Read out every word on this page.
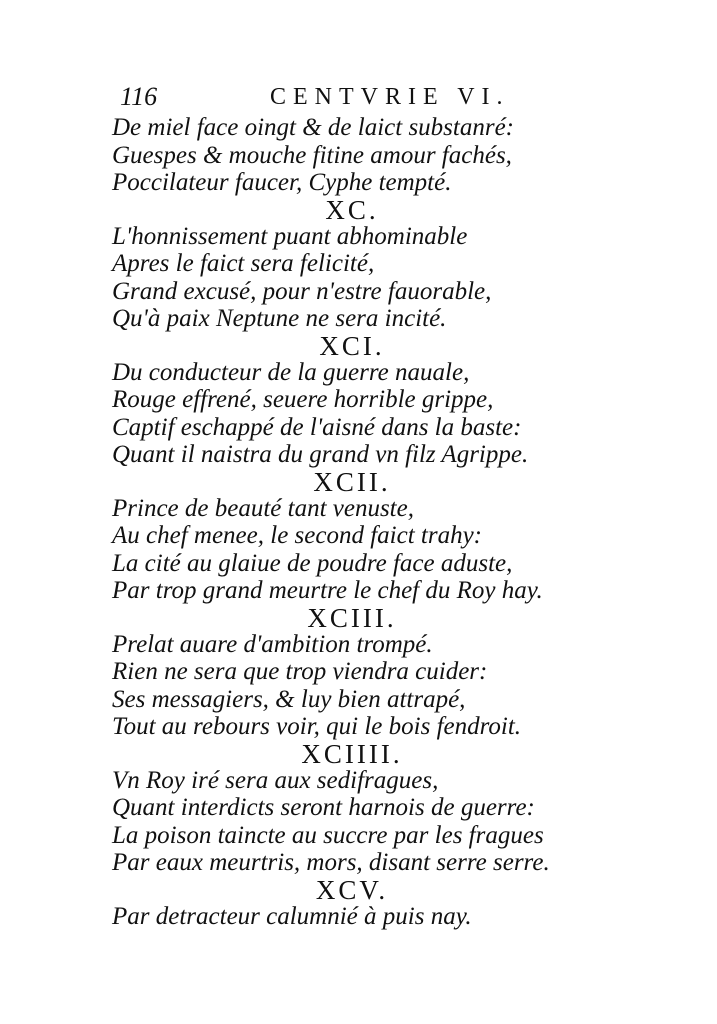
116	CENTVRIE VI.
De miel face oingt & de laict substanré:
Guespes & mouche fitine amour fachés,
Poccilateur faucer, Cyphe tempté.
XC.
L'honnissement puant abhominable
Apres le faict sera felicité,
Grand excusé, pour n'estre fauorable,
Qu'à paix Neptune ne sera incité.
XCI.
Du conducteur de la guerre nauale,
Rouge effrené, seuere horrible grippe,
Captif eschappé de l'aisné dans la baste:
Quant il naistra du grand vn filz Agrippe.
XCII.
Prince de beauté tant venuste,
Au chef menee, le second faict trahy:
La cité au glaiue de poudre face aduste,
Par trop grand meurtre le chef du Roy hay.
XCIII.
Prelat auare d'ambition trompé.
Rien ne sera que trop viendra cuider:
Ses messagiers, & luy bien attrapé,
Tout au rebours voir, qui le bois fendroit.
XCIIII.
Vn Roy iré sera aux sedifragues,
Quant interdicts seront harnois de guerre:
La poison taincte au succre par les fragues
Par eaux meurtris, mors, disant serre serre.
XCV.
Par detracteur calumnié à puis nay.
